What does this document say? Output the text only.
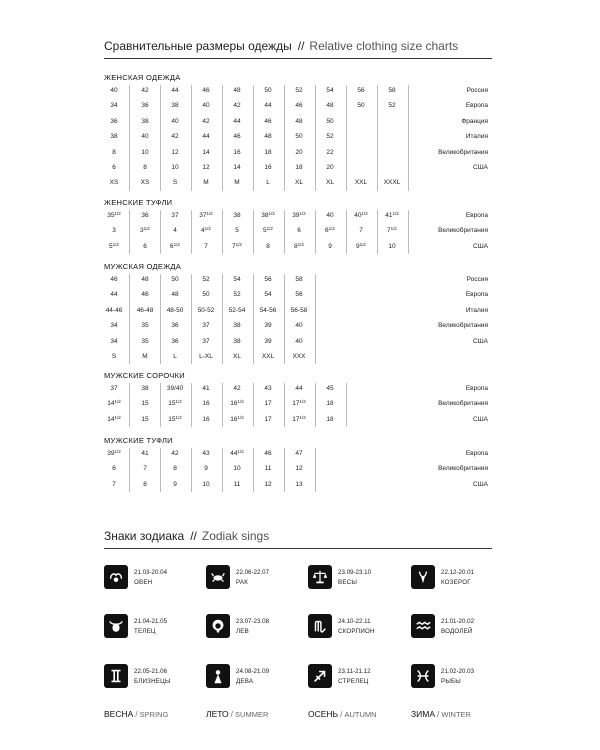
Сравнительные размеры одежды // Relative clothing size charts
ЖЕНСКАЯ ОДЕЖДА
40	42	44	46	48	50	52	54	56	58	Россия
34	36	38	40	42	44	46	48	50	52	Европа
36	38	40	42	44	46	48	50	Франция
38	40	42	44	46	48	50	52	Италия
8	10	12	14	16	18	20	22	Великобритания
6	8	10	12	14	16	18	20	США
XS	XS	S	M	M	L	XL	XL	XXL	XXXL
ЖЕНСКИЕ ТУФЛИ
$35^{1/2}$	36	37	$37^{1/2}$	38	$38^{1/2}$	$39^{1/2}$	40	$40^{1/2}$	$41^{1/2}$	Европа
3	$3^{1/2}$	4	$4^{1/2}$	5	$5^{1/2}$	6	$6^{1/2}$	7	$7^{1/2}$	Великобритания
$5^{1/2}$	6	$6^{1/2}$	7	$7^{1/2}$	8	$8^{1/2}$	9	$9^{1/2}$	10	США
МУЖСКАЯ ОДЕЖДА
46	48	50	52	54	56	58	Россия
44	46	48	50	52	54	56	Европа
44-46	46-48	48-50	50-52	52-54	54-56	56-58	Италия
34	35	36	37	38	39	40	Великобритания
34	35	36	37	38	39	40	США
S	M	L	L-XL	XL	XXL	XXX
МУЖСКИЕ СОРОЧКИ
37	38	39/40	41	42	43	44	45	Европа
$14^{1/2}$	15	$15^{1/2}$	16	$16^{1/2}$	17	$17^{1/2}$	18	Великобритания
$14^{1/2}$	15	$15^{1/2}$	16	$16^{1/2}$	17	$17^{1/2}$	18	США
МУЖСКИЕ ТУФЛИ
$39^{1/2}$	41	42	43	$44^{1/2}$	46	47	Европа
6	7	8	9	10	11	12	Великобритания
7	8	9	10	11	12	13	США
Знаки зодиака // Zodiak sings
21.03-20.04
ОВЕН
22.06-22.07
РАК
23.09-23.10
ВЕСЫ
22.12-20.01
КОЗЕРОГ
21.04-21.05
ТЕЛЕЦ
23.07-23.08
ЛЕВ
24.10-22.11
СКОРПИОН
21.01-20.02
ВОДОЛЕЙ
22.05-21.06
БЛИЗНЕЦЫ
24.08-21.09
ДЕВА
23.11-21.12
СТРЕЛЕЦ
21.02-20.03
РЫБЫ
ВЕСНА / SPRING	ЛЕТО / SUMMER	ОСЕНЬ / AUTUMN	ЗИМА / WINTER
